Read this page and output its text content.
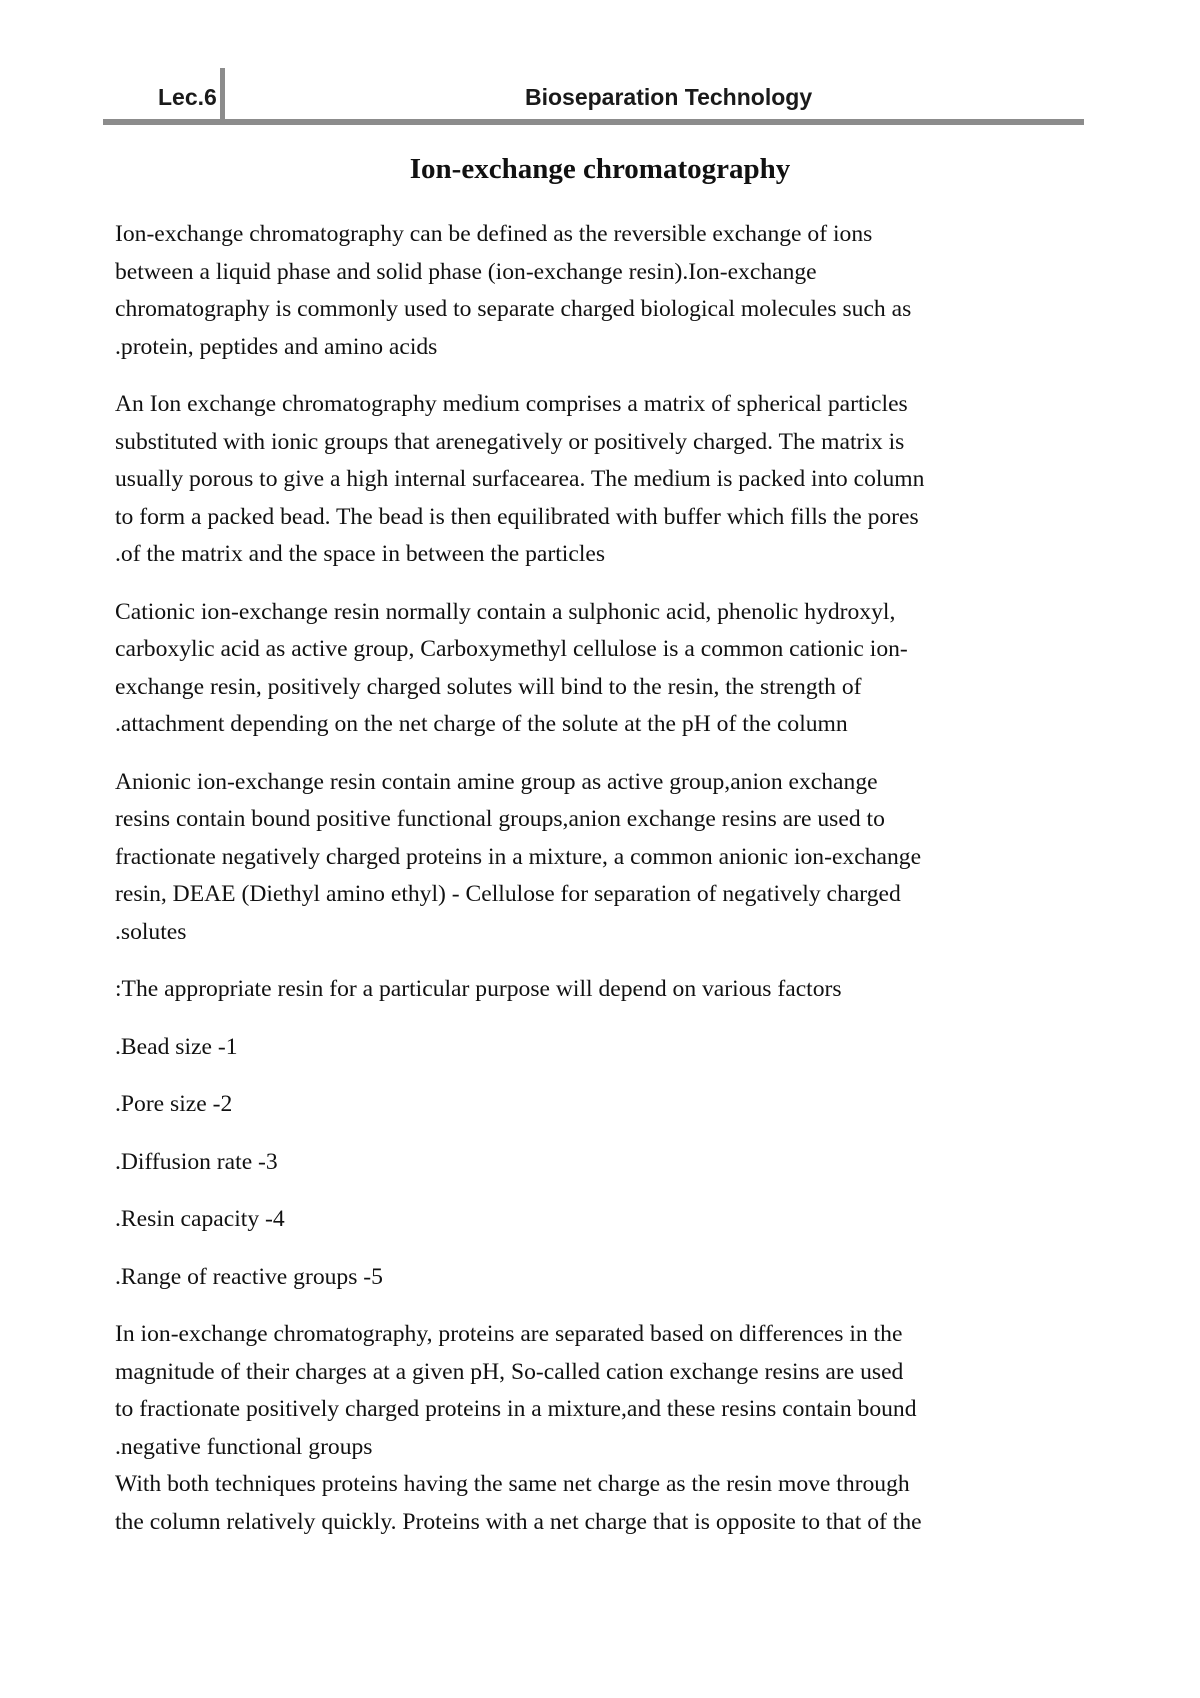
Lec.6	Bioseparation Technology
Ion-exchange chromatography

Ion-exchange chromatography can be defined as the reversible exchange of ions
between a liquid phase and solid phase (ion-exchange resin).Ion-exchange
chromatography is commonly used to separate charged biological molecules such as
.protein, peptides and amino acids

An Ion exchange chromatography medium comprises a matrix of spherical particles
substituted with ionic groups that arenegatively or positively charged. The matrix is
usually porous to give a high internal surfacearea. The medium is packed into column
to form a packed bead. The bead is then equilibrated with buffer which fills the pores
.of the matrix and the space in between the particles

Cationic ion-exchange resin normally contain a sulphonic acid, phenolic hydroxyl,
carboxylic acid as active group, Carboxymethyl cellulose is a common cationic ion-
exchange resin, positively charged solutes will bind to the resin, the strength of
.attachment depending on the net charge of the solute at the pH of the column

Anionic ion-exchange resin contain amine group as active group,anion exchange
resins contain bound positive functional groups,anion exchange resins are used to
fractionate negatively charged proteins in a mixture, a common anionic ion-exchange
resin, DEAE (Diethyl amino ethyl) - Cellulose for separation of negatively charged
.solutes

:The appropriate resin for a particular purpose will depend on various factors

.Bead size -1

.Pore size -2

.Diffusion rate -3

.Resin capacity -4

.Range of reactive groups -5

In ion-exchange chromatography, proteins are separated based on differences in the
magnitude of their charges at a given pH, So-called cation exchange resins are used
to fractionate positively charged proteins in a mixture,and these resins contain bound
.negative functional groups

With both techniques proteins having the same net charge as the resin move through
the column relatively quickly. Proteins with a net charge that is opposite to that of the
